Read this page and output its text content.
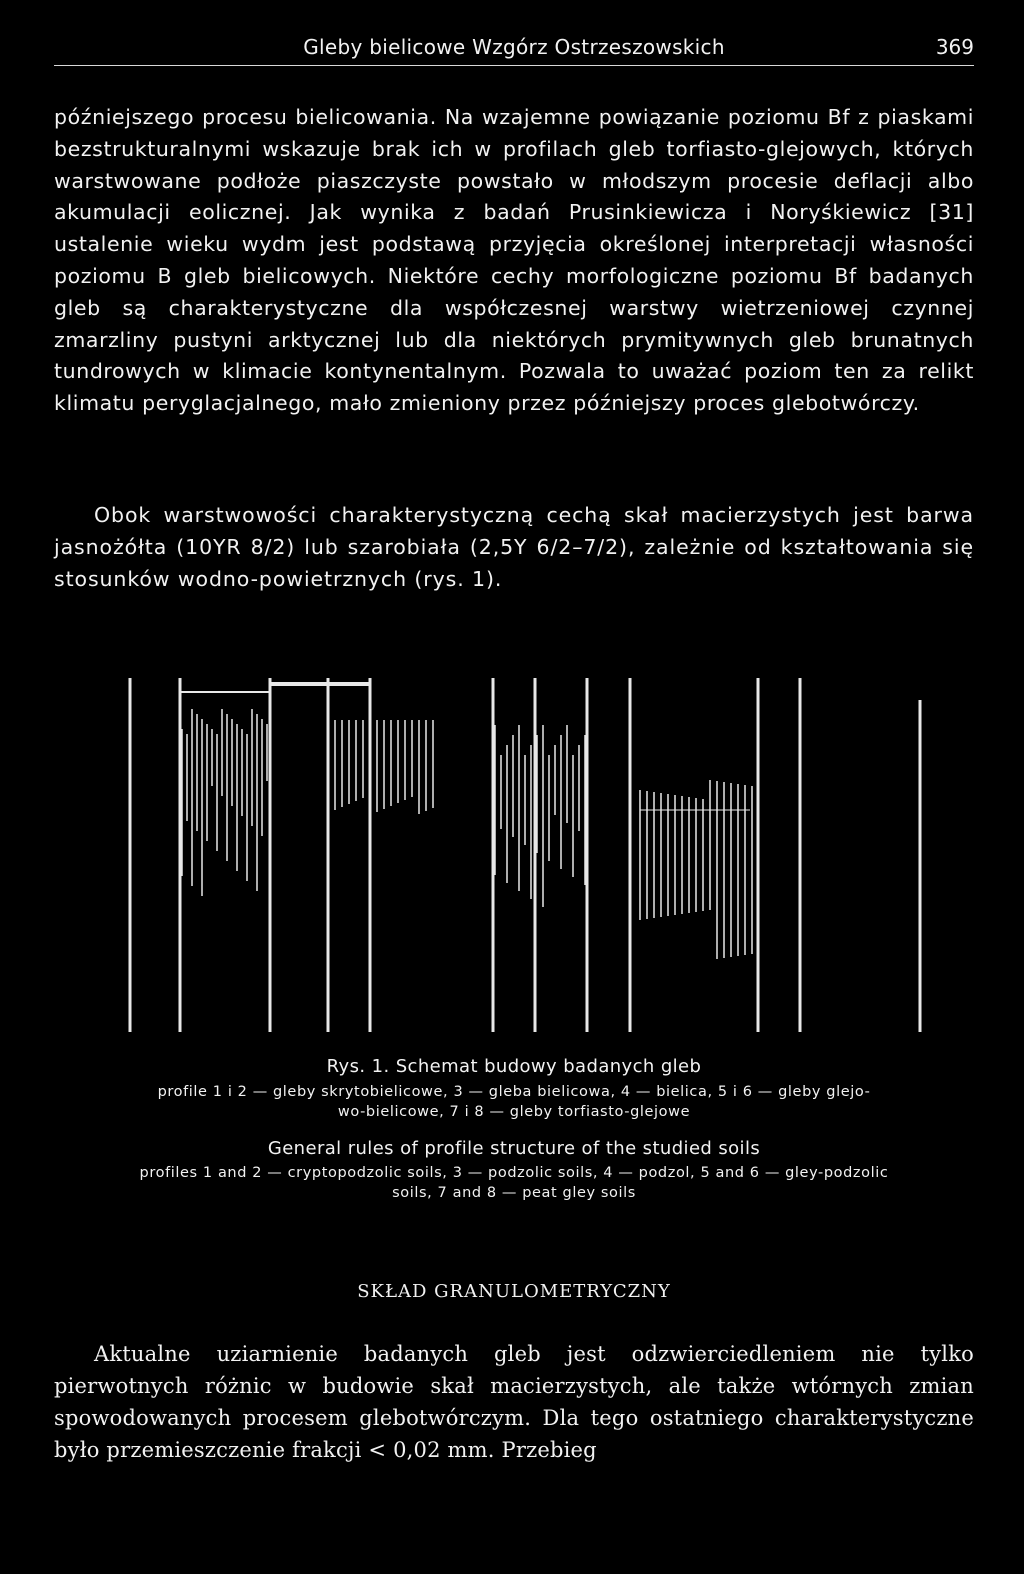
Gleby bielicowe Wzgórz Ostrzeszowskich	369

późniejszego procesu bielicowania. Na wzajemne powiązanie poziomu Bf z piaskami bezstrukturalnymi wskazuje brak ich w profilach gleb torfiasto-glejowych, których warstwowane podłoże piaszczyste powstało w młodszym procesie deflacji albo akumulacji eolicznej. Jak wynika z badań Prusinkiewicza i Noryśkiewicz [31] ustalenie wieku wydm jest podstawą przyjęcia określonej interpretacji własności poziomu B gleb bielicowych. Niektóre cechy morfologiczne poziomu Bf badanych gleb są charakterystyczne dla współczesnej warstwy wietrzeniowej czynnej zmarzliny pustyni arktycznej lub dla niektórych prymitywnych gleb brunatnych tundrowych w klimacie kontynentalnym. Pozwala to uważać poziom ten za relikt klimatu peryglacjalnego, mało zmieniony przez późniejszy proces glebotwórczy.

Obok warstwowości charakterystyczną cechą skał macierzystych jest barwa jasnożółta (10YR 8/2) lub szarobiała (2,5Y 6/2–7/2), zależnie od kształtowania się stosunków wodno-powietrznych (rys. 1).

Rys. 1. Schemat budowy badanych gleb
profile 1 i 2 — gleby skrytobielicowe, 3 — gleba bielicowa, 4 — bielica, 5 i 6 — gleby glejo-
wo-bielicowe, 7 i 8 — gleby torfiasto-glejowe
General rules of profile structure of the studied soils
profiles 1 and 2 — cryptopodzolic soils, 3 — podzolic soils, 4 — podzol, 5 and 6 — gley-podzolic
soils, 7 and 8 — peat gley soils
SKŁAD GRANULOMETRYCZNY

Aktualne uziarnienie badanych gleb jest odzwierciedleniem nie tylko pierwotnych różnic w budowie skał macierzystych, ale także wtórnych zmian spowodowanych procesem glebotwórczym. Dla tego ostatniego charakterystyczne było przemieszczenie frakcji < 0,02 mm. Przebieg
